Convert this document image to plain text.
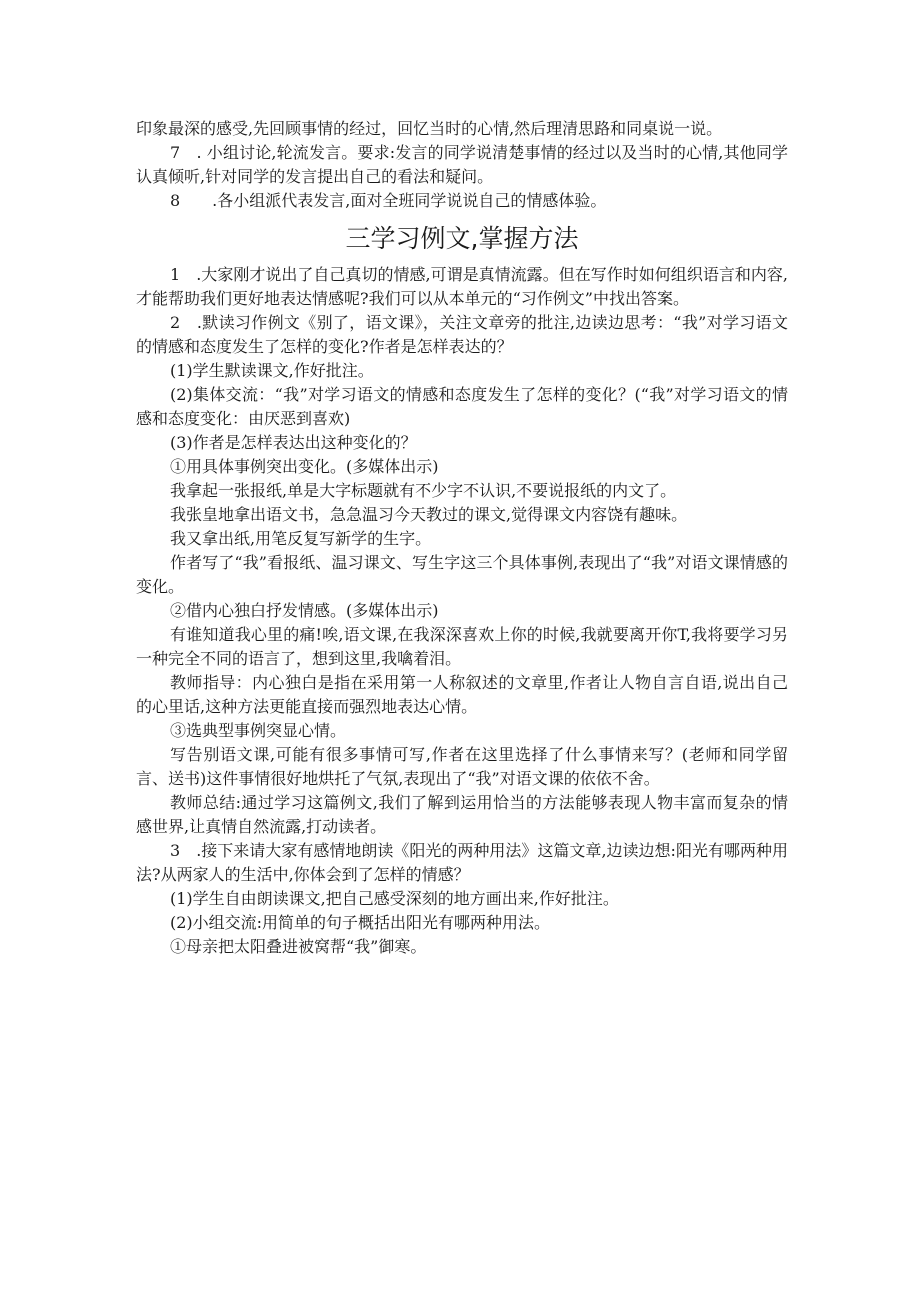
印象最深的感受,先回顾事情的经过，回忆当时的心情,然后理清思路和同桌说一说。

7　. 小组讨论,轮流发言。要求:发言的同学说清楚事情的经过以及当时的心情,其他同学认真倾听,针对同学的发言提出自己的看法和疑问。

8　　.各小组派代表发言,面对全班同学说说自己的情感体验。

三学习例文,掌握方法

1　.大家刚才说出了自己真切的情感,可谓是真情流露。但在写作时如何组织语言和内容,才能帮助我们更好地表达情感呢?我们可以从本单元的“习作例文”中找出答案。

2　.默读习作例文《别了，语文课》，关注文章旁的批注,边读边思考：“我”对学习语文的情感和态度发生了怎样的变化?作者是怎样表达的？

(1)学生默读课文,作好批注。

(2)集体交流：“我”对学习语文的情感和态度发生了怎样的变化？(“我”对学习语文的情感和态度变化：由厌恶到喜欢)

(3)作者是怎样表达出这种变化的？

①用具体事例突出变化。(多媒体出示)

我拿起一张报纸,单是大字标题就有不少字不认识,不要说报纸的内文了。

我张皇地拿出语文书，急急温习今天教过的课文,觉得课文内容饶有趣味。

我又拿出纸,用笔反复写新学的生字。

作者写了“我”看报纸、温习课文、写生字这三个具体事例,表现出了“我”对语文课情感的变化。

②借内心独白抒发情感。(多媒体出示)

有谁知道我心里的痛!唉,语文课,在我深深喜欢上你的时候,我就要离开你T,我将要学习另一种完全不同的语言了，想到这里,我噙着泪。

教师指导：内心独白是指在采用第一人称叙述的文章里,作者让人物自言自语,说出自己的心里话,这种方法更能直接而强烈地表达心情。

③选典型事例突显心情。

写告别语文课,可能有很多事情可写,作者在这里选择了什么事情来写？(老师和同学留言、送书)这件事情很好地烘托了气氛,表现出了“我”对语文课的依依不舍。

教师总结:通过学习这篇例文,我们了解到运用恰当的方法能够表现人物丰富而复杂的情感世界,让真情自然流露,打动读者。

3　.接下来请大家有感情地朗读《阳光的两种用法》这篇文章,边读边想:阳光有哪两种用法?从两家人的生活中,你体会到了怎样的情感？

(1)学生自由朗读课文,把自己感受深刻的地方画出来,作好批注。

(2)小组交流:用简单的句子概括出阳光有哪两种用法。

①母亲把太阳叠进被窝帮“我”御寒。
